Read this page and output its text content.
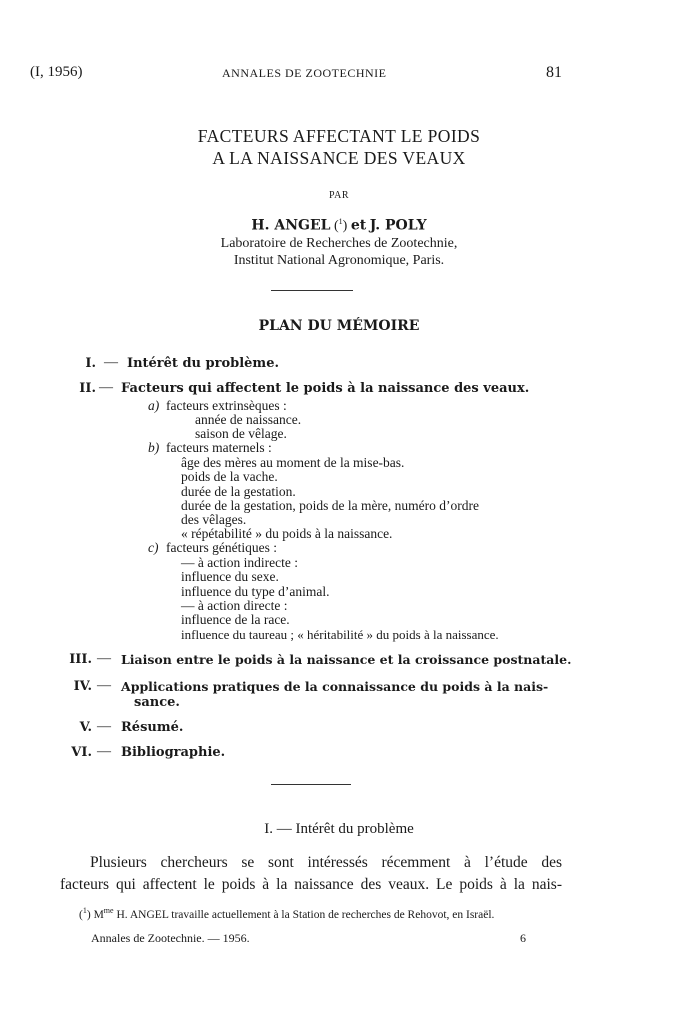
(I, 1956)	ANNALES DE ZOOTECHNIE	81
FACTEURS AFFECTANT LE POIDS
A LA NAISSANCE DES VEAUX
PAR
H. ANGEL ($^1$) et J. POLY
Laboratoire de Recherches de Zootechnie,
Institut National Agronomique, Paris.
PLAN DU MÉMOIRE
I. — Intérêt du problème.
II. — Facteurs qui affectent le poids à la naissance des veaux.
a) facteurs extrinsèques :
année de naissance.
saison de vêlage.
b) facteurs maternels :
âge des mères au moment de la mise-bas.
poids de la vache.
durée de la gestation.
durée de la gestation, poids de la mère, numéro d’ordre
des vêlages.
« répétabilité » du poids à la naissance.
c) facteurs génétiques :
— à action indirecte :
influence du sexe.
influence du type d’animal.
— à action directe :
influence de la race.
influence du taureau ; « héritabilité » du poids à la naissance.
III. — Liaison entre le poids à la naissance et la croissance postnatale.
IV. — Applications pratiques de la connaissance du poids à la nais-
sance.
V. — Résumé.
VI. — Bibliographie.
I. — Intérêt du problème
Plusieurs chercheurs se sont intéressés récemment à l’étude des
facteurs qui affectent le poids à la naissance des veaux. Le poids à la nais-
($^1$) $M^{me}$ H. ANGEL travaille actuellement à la Station de recherches de Rehovot, en Israël.
Annales de Zootechnie. — 1956.	6
